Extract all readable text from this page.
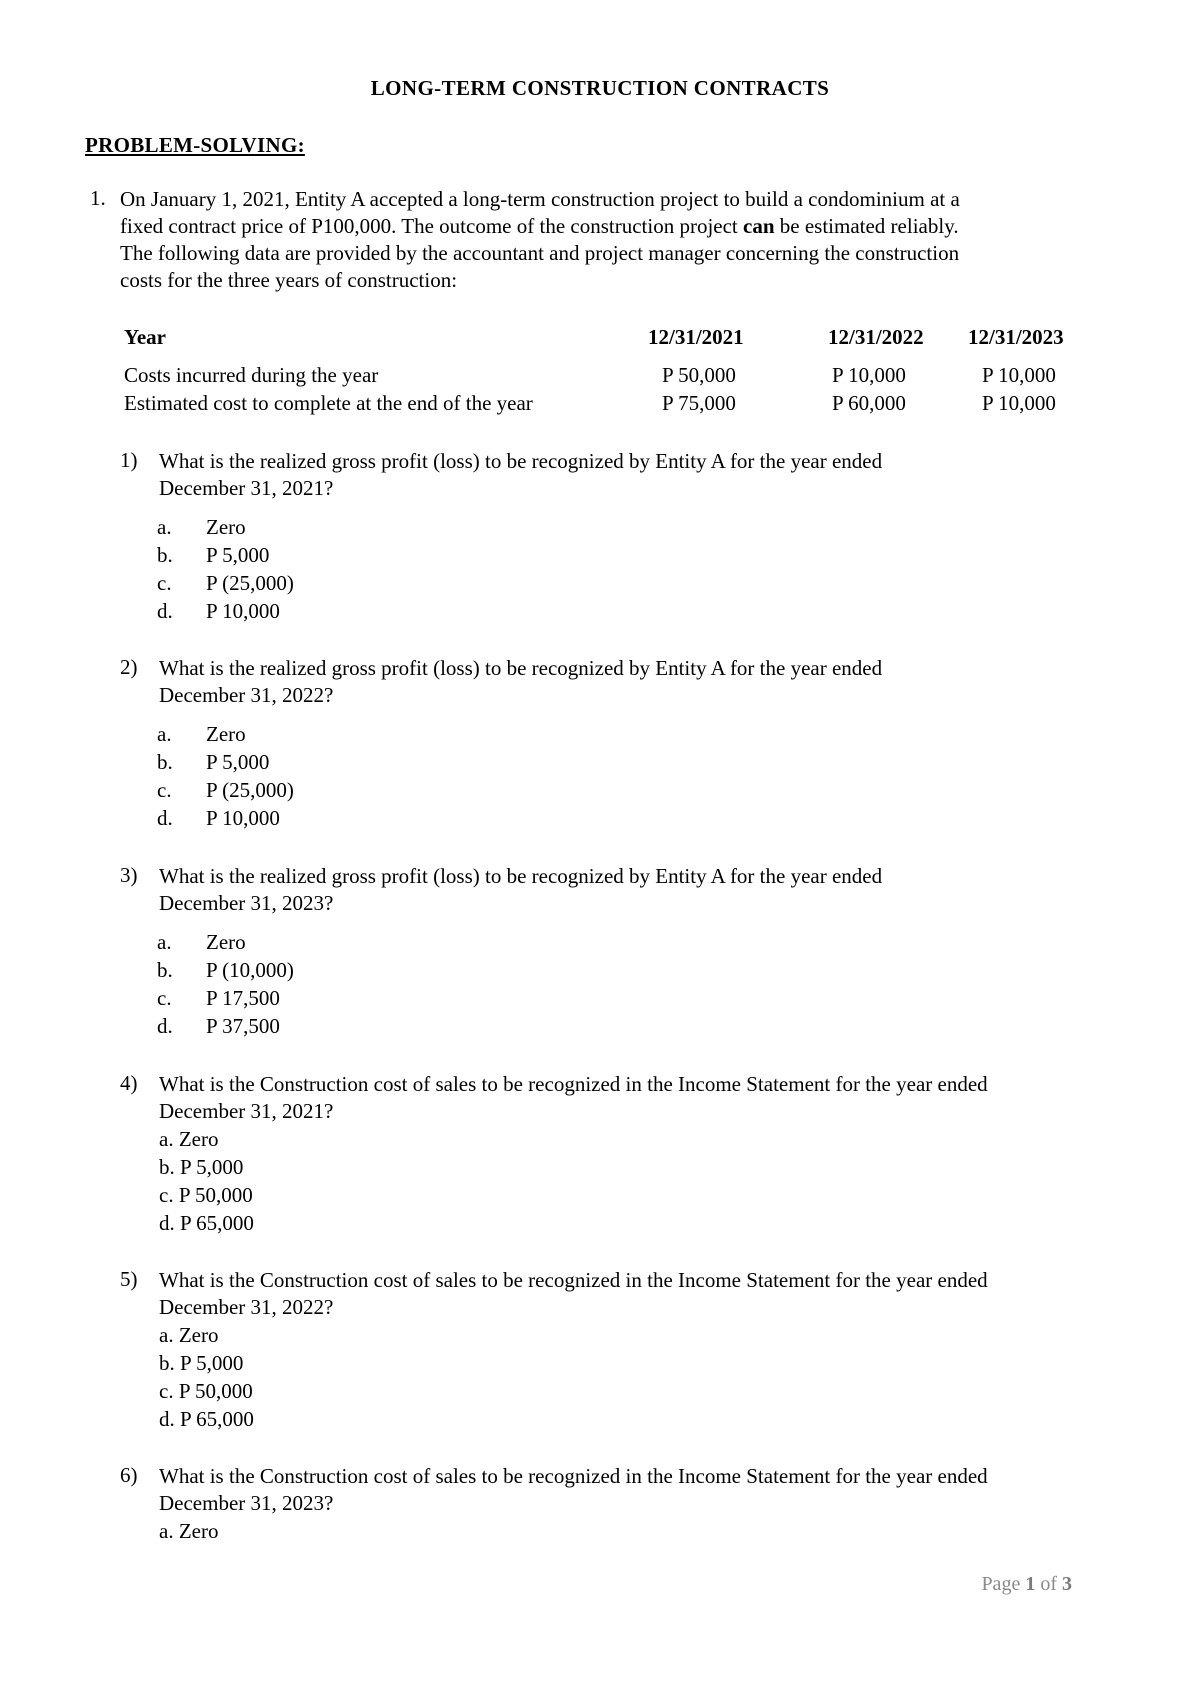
LONG-TERM CONSTRUCTION CONTRACTS
PROBLEM-SOLVING:
1. On January 1, 2021, Entity A accepted a long-term construction project to build a condominium at a
fixed contract price of P100,000. The outcome of the construction project can be estimated reliably.
The following data are provided by the accountant and project manager concerning the construction
costs for the three years of construction:
Year	12/31/2021	12/31/2022 12/31/2023
Costs incurred during the year	P 50,000	P 10,000	P 10,000
Estimated cost to complete at the end of the year	P 75,000	P 60,000	P 10,000
1) What is the realized gross profit (loss) to be recognized by Entity A for the year ended
December 31, 2021?
a. Zero
b. P 5,000
c. P (25,000)
d. P 10,000
2) What is the realized gross profit (loss) to be recognized by Entity A for the year ended
December 31, 2022?
a. Zero
b. P 5,000
c. P (25,000)
d. P 10,000
3) What is the realized gross profit (loss) to be recognized by Entity A for the year ended
December 31, 2023?
a. Zero
b. P (10,000)
c. P 17,500
d. P 37,500
4) What is the Construction cost of sales to be recognized in the Income Statement for the year ended
December 31, 2021?
a. Zero
b. P 5,000
c. P 50,000
d. P 65,000
5) What is the Construction cost of sales to be recognized in the Income Statement for the year ended
December 31, 2022?
a. Zero
b. P 5,000
c. P 50,000
d. P 65,000
6) What is the Construction cost of sales to be recognized in the Income Statement for the year ended
December 31, 2023?
a. Zero
Page 1 of 3
